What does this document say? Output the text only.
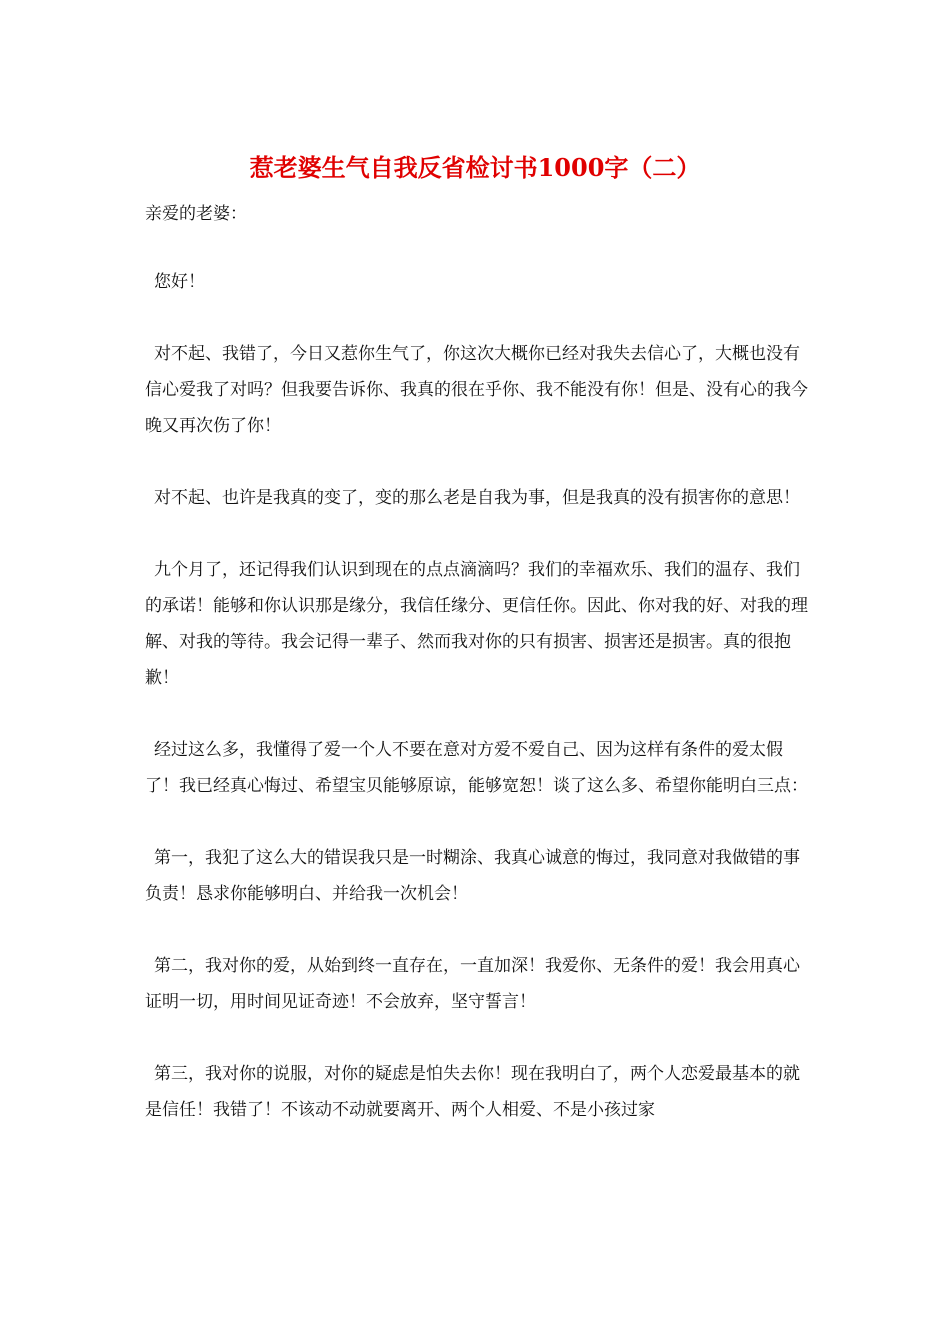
惹老婆生气自我反省检讨书1000字（二）

亲爱的老婆：

您好！

对不起、我错了，今日又惹你生气了，你这次大概你已经对我失去信心了，大概也没有信心爱我了对吗？但我要告诉你、我真的很在乎你、我不能没有你！但是、没有心的我今晚又再次伤了你！

对不起、也许是我真的变了，变的那么老是自我为事，但是我真的没有损害你的意思！

九个月了，还记得我们认识到现在的点点滴滴吗？我们的幸福欢乐、我们的温存、我们的承诺！能够和你认识那是缘分，我信任缘分、更信任你。因此、你对我的好、对我的理解、对我的等待。我会记得一辈子、然而我对你的只有损害、损害还是损害。真的很抱歉！

经过这么多，我懂得了爱一个人不要在意对方爱不爱自己、因为这样有条件的爱太假了！我已经真心悔过、希望宝贝能够原谅，能够宽恕！谈了这么多、希望你能明白三点：

第一，我犯了这么大的错误我只是一时糊涂、我真心诚意的悔过，我同意对我做错的事负责！恳求你能够明白、并给我一次机会！

第二，我对你的爱，从始到终一直存在，一直加深！我爱你、无条件的爱！我会用真心证明一切，用时间见证奇迹！不会放弃，坚守誓言！

第三，我对你的说服，对你的疑虑是怕失去你！现在我明白了，两个人恋爱最基本的就是信任！我错了！不该动不动就要离开、两个人相爱、不是小孩过家
